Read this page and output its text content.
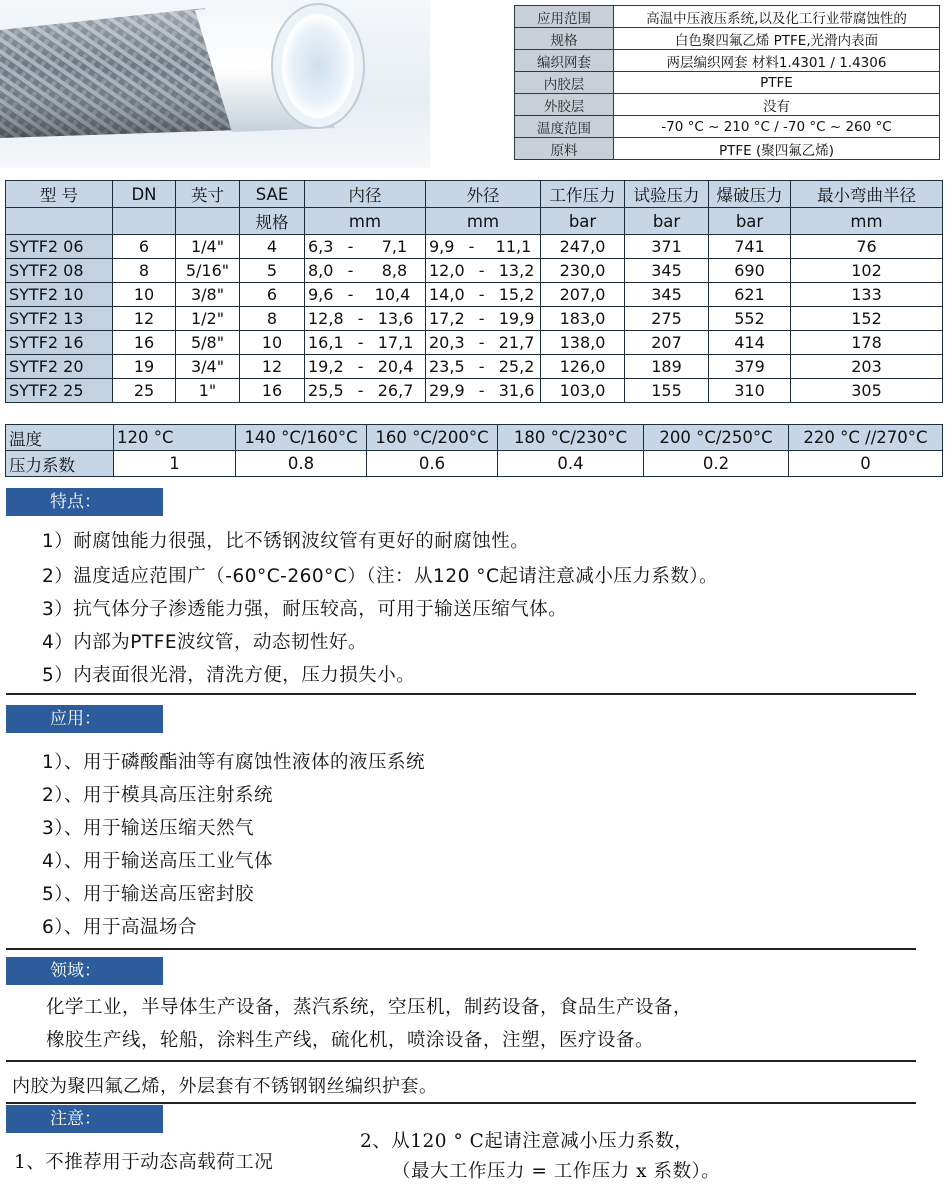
应用范围	高温中压液压系统,以及化工行业带腐蚀性的
规格	白色聚四氟乙烯 PTFE,光滑内表面
编织网套	两层编织网套 材料1.4301 / 1.4306
内胶层	PTFE
外胶层	没有
温度范围	-70 °C ~ 210 °C / -70 °C ~ 260 °C
原料	PTFE (聚四氟乙烯)
型 号	DN	英寸	SAE	内径	外径	工作压力	试验压力	爆破压力	最小弯曲半径
			规格	mm	mm	bar	bar	bar	mm
SYTF2 06	6	1/4"	4	6,3  -    7,1	9,9  -   11,1	247,0	371	741	76
SYTF2 08	8	5/16"	5	8,0  -    8,8	12,0  -  13,2	230,0	345	690	102
SYTF2 10	10	3/8"	6	9,6  -   10,4	14,0  -  15,2	207,0	345	621	133
SYTF2 13	12	1/2"	8	12,8  -  13,6	17,2  -  19,9	183,0	275	552	152
SYTF2 16	16	5/8"	10	16,1  -  17,1	20,3  -  21,7	138,0	207	414	178
SYTF2 20	19	3/4"	12	19,2  -  20,4	23,5  -  25,2	126,0	189	379	203
SYTF2 25	25	1"	16	25,5  -  26,7	29,9  -  31,6	103,0	155	310	305
温度	120 °C	140 °C/160°C	160 °C/200°C	180 °C/230°C	200 °C/250°C	220 °C //270°C
压力系数	1	0.8	0.6	0.4	0.2	0
特点：
1）耐腐蚀能力很强，比不锈钢波纹管有更好的耐腐蚀性。
2）温度适应范围广（-60°C-260°C）（注：从120 °C起请注意减小压力系数）。
3）抗气体分子渗透能力强，耐压较高，可用于输送压缩气体。
4）内部为PTFE波纹管，动态韧性好。
5）内表面很光滑，清洗方便，压力损失小。
应用：
1）、用于磷酸酯油等有腐蚀性液体的液压系统
2）、用于模具高压注射系统
3）、用于输送压缩天然气
4）、用于输送高压工业气体
5）、用于输送高压密封胶
6）、用于高温场合
领域：
化学工业，半导体生产设备，蒸汽系统，空压机，制药设备，食品生产设备，
橡胶生产线，轮船，涂料生产线，硫化机，喷涂设备，注塑，医疗设备。
内胶为聚四氟乙烯，外层套有不锈钢钢丝编织护套。
注意：
1、不推荐用于动态高载荷工况
2、从120 ° C起请注意减小压力系数，
（最大工作压力 = 工作压力 x 系数）。
